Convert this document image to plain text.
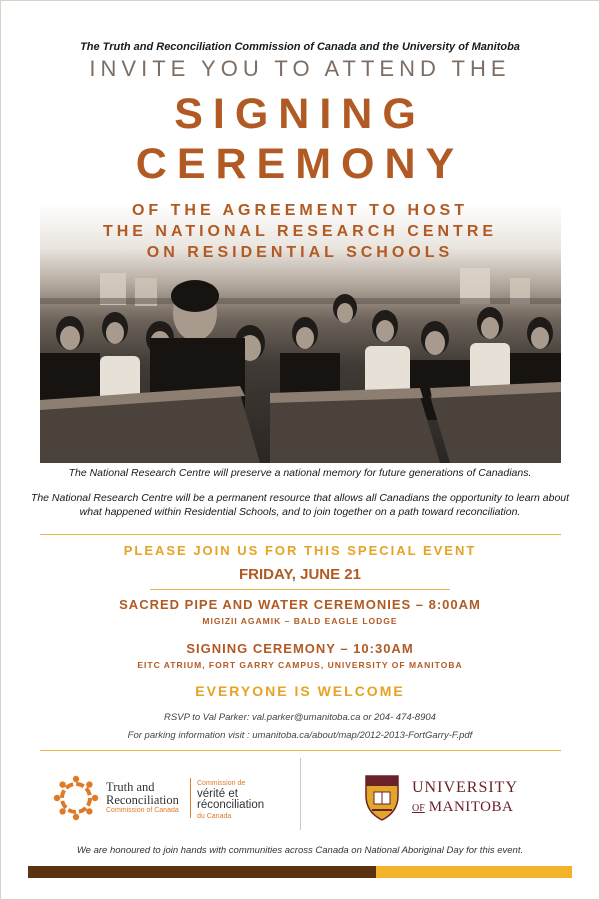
The Truth and Reconciliation Commission of Canada and the University of Manitoba
INVITE YOU TO ATTEND THE
SIGNING
CEREMONY
OF THE AGREEMENT TO HOST
THE NATIONAL RESEARCH CENTRE
ON RESIDENTIAL SCHOOLS
The National Research Centre will preserve a national memory for future generations of Canadians.
The National Research Centre will be a permanent resource that allows all Canadians the opportunity to learn about what happened within Residential Schools, and to join together on a path toward reconciliation.
PLEASE JOIN US FOR THIS SPECIAL EVENT
FRIDAY, JUNE 21
SACRED PIPE AND WATER CEREMONIES – 8:00AM
MIGIZII AGAMIK – BALD EAGLE LODGE
SIGNING CEREMONY – 10:30AM
EITC ATRIUM, FORT GARRY CAMPUS, UNIVERSITY OF MANITOBA
EVERYONE IS WELCOME
RSVP to Val Parker: val.parker@umanitoba.ca or 204- 474-8904
For parking information visit : umanitoba.ca/about/map/2012-2013-FortGarry-F.pdf
Truth and
Reconciliation
Commission of Canada
Commission de
vérité et
réconciliation
du Canada
UNIVERSITY
OF MANITOBA
We are honoured to join hands with communities across Canada on National Aboriginal Day for this event.
